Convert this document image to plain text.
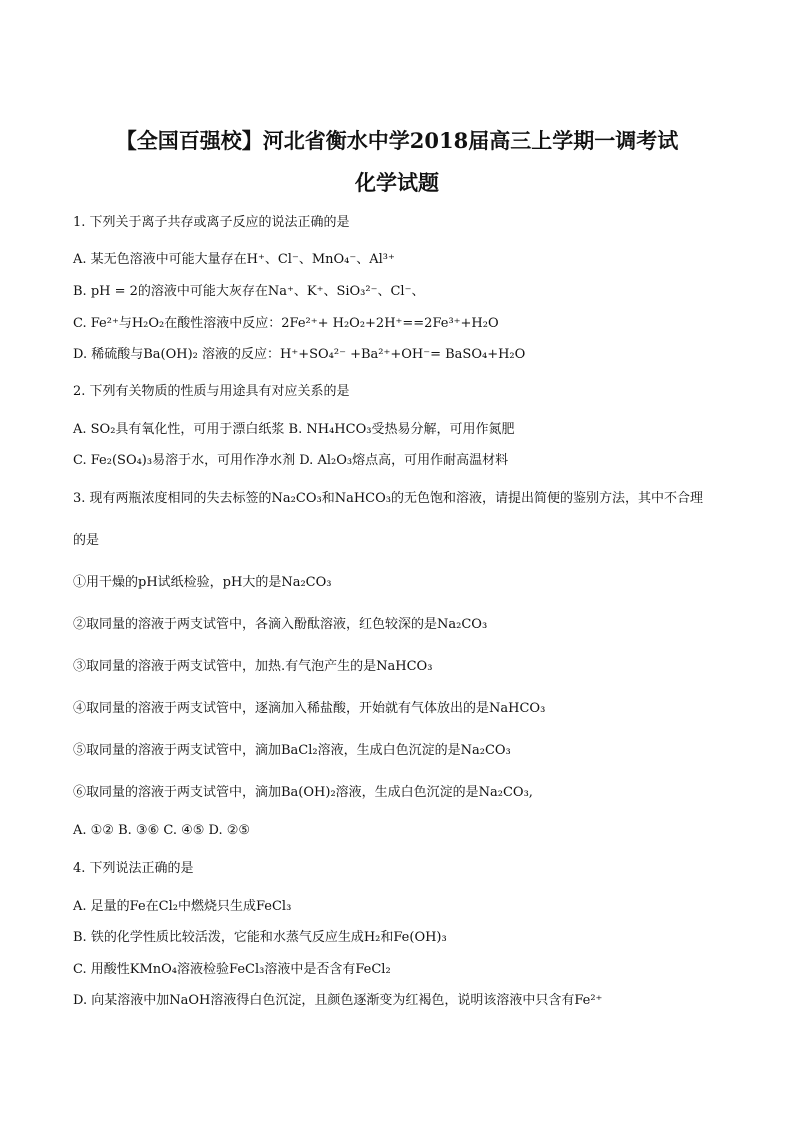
【全国百强校】河北省衡水中学2018届高三上学期一调考试
化学试题
1. 下列关于离子共存或离子反应的说法正确的是
A. 某无色溶液中可能大量存在H⁺、Cl⁻、MnO₄⁻、Al³⁺
B. pH = 2的溶液中可能大灰存在Na⁺、K⁺、SiO₃²⁻、Cl⁻、
C. Fe²⁺与H₂O₂在酸性溶液中反应：2Fe²⁺+ H₂O₂+2H⁺==2Fe³⁺+H₂O
D. 稀硫酸与Ba(OH)₂ 溶液的反应：H⁺+SO₄²⁻ +Ba²⁺+OH⁻= BaSO₄+H₂O
2. 下列有关物质的性质与用途具有对应关系的是
A. SO₂具有氧化性，可用于漂白纸浆 B. NH₄HCO₃受热易分解，可用作氮肥
C. Fe₂(SO₄)₃易溶于水，可用作净水剂 D. Al₂O₃熔点高，可用作耐高温材料
3. 现有两瓶浓度相同的失去标签的Na₂CO₃和NaHCO₃的无色饱和溶液，请提出简便的鉴别方法，其中不合理
的是
①用干燥的pH试纸检验，pH大的是Na₂CO₃
②取同量的溶液于两支试管中，各滴入酚酞溶液，红色较深的是Na₂CO₃
③取同量的溶液于两支试管中，加热.有气泡产生的是NaHCO₃
④取同量的溶液于两支试管中，逐滴加入稀盐酸，开始就有气体放出的是NaHCO₃
⑤取同量的溶液于两支试管中，滴加BaCl₂溶液，生成白色沉淀的是Na₂CO₃
⑥取同量的溶液于两支试管中，滴加Ba(OH)₂溶液，生成白色沉淀的是Na₂CO₃,
A. ①② B. ③⑥ C. ④⑤ D. ②⑤
4. 下列说法正确的是
A. 足量的Fe在Cl₂中燃烧只生成FeCl₃
B. 铁的化学性质比较活泼，它能和水蒸气反应生成H₂和Fe(OH)₃
C. 用酸性KMnO₄溶液检验FeCl₃溶液中是否含有FeCl₂
D. 向某溶液中加NaOH溶液得白色沉淀，且颜色逐渐变为红褐色，说明该溶液中只含有Fe²⁺
